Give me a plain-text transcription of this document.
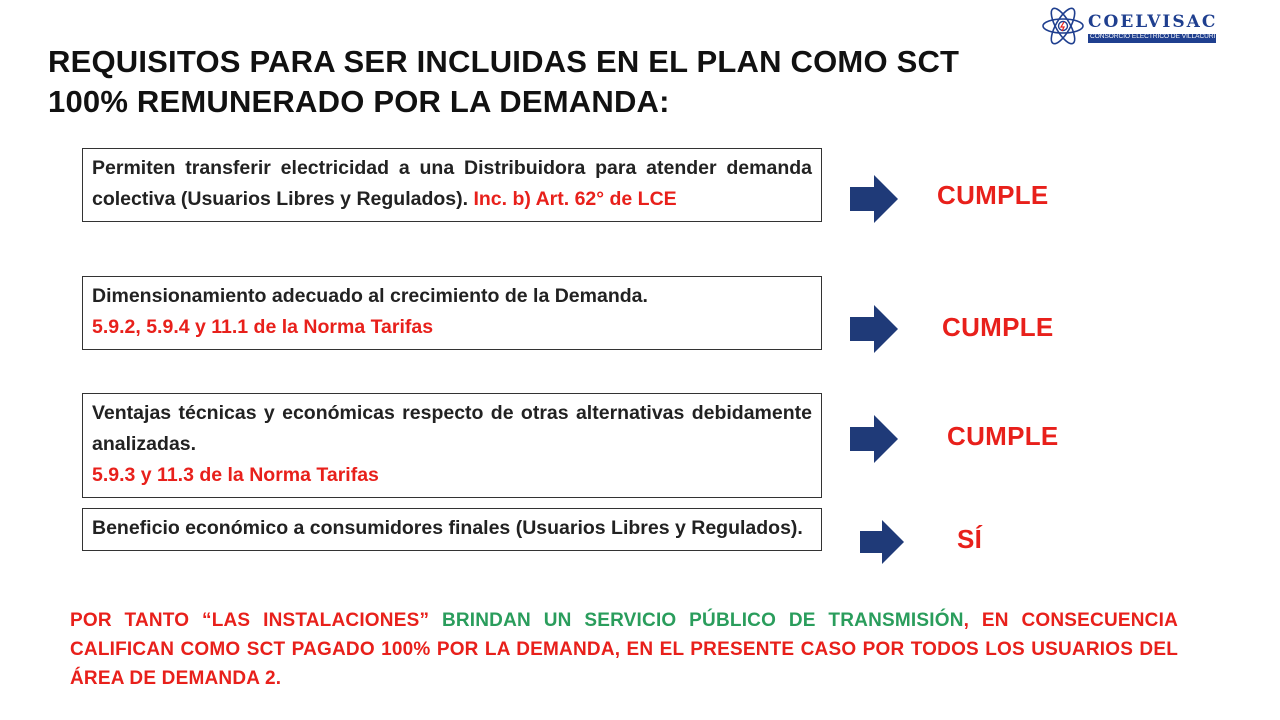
COELVISAC
CONSORCIO ELECTRICO DE VILLACURI SAC
REQUISITOS PARA SER INCLUIDAS EN EL PLAN COMO SCT 100% REMUNERADO POR LA DEMANDA:
Permiten transferir electricidad a una Distribuidora para atender demanda colectiva (Usuarios Libres y Regulados). Inc. b) Art. 62° de LCE	CUMPLE
Dimensionamiento adecuado al crecimiento de la Demanda.
5.9.2, 5.9.4 y 11.1 de la Norma Tarifas	CUMPLE
Ventajas técnicas y económicas respecto de otras alternativas debidamente analizadas.
5.9.3 y 11.3 de la Norma Tarifas
CUMPLE
Beneficio económico a consumidores finales (Usuarios Libres y Regulados).	SÍ

POR TANTO “LAS INSTALACIONES” BRINDAN UN SERVICIO PÚBLICO DE TRANSMISIÓN, EN CONSECUENCIA CALIFICAN COMO SCT PAGADO 100% POR LA DEMANDA, EN EL PRESENTE CASO POR TODOS LOS USUARIOS DEL ÁREA DE DEMANDA 2.
